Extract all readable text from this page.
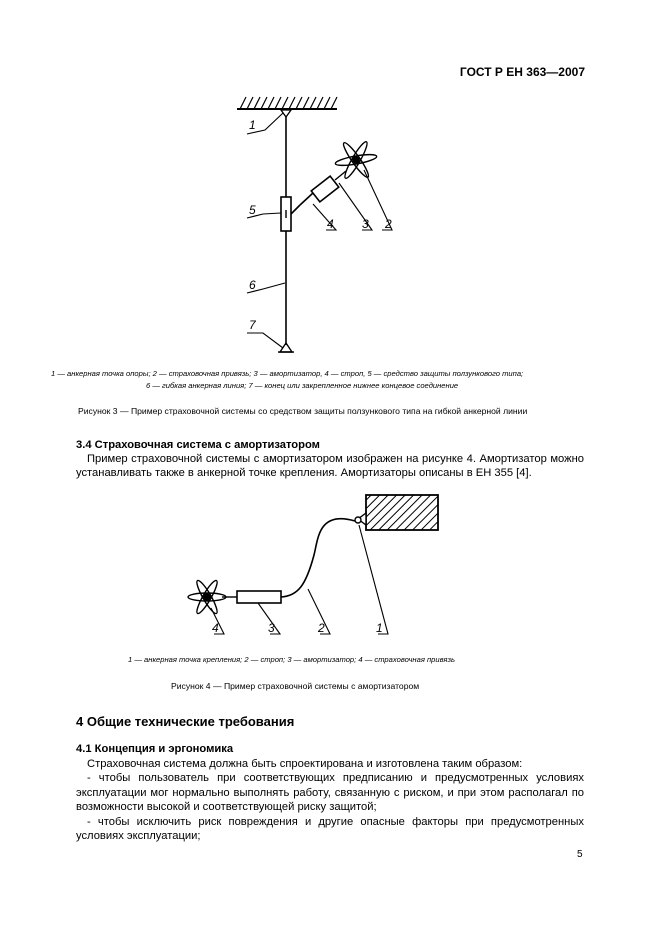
ГОСТ Р ЕН 363—2007
1
5
6
7
4 3 2

1 — анкерная точка опоры; 2 — страховочная привязь; 3 — амортизатор, 4 — строп, 5 — средство защиты ползункового типа;

6 — гибкая анкерная линия; 7 — конец или закрепленное нижнее концевое соединение

Рисунок 3 — Пример страховочной системы со средством защиты ползункового типа на гибкой анкерной линии
3.4 Страховочная система с амортизатором
Пример страховочной системы с амортизатором изображен на рисунке 4. Амортизатор можно устанавливать также в анкерной точке крепления. Амортизаторы описаны в ЕН 355 [4].
4	3	2	1
1 — анкерная точка крепления; 2 — строп; 3 — амортизатор; 4 — страховочная привязь
Рисунок 4 — Пример страховочной системы с амортизатором
4 Общие технические требования
4.1 Концепция и эргономика

Страховочная система должна быть спроектирована и изготовлена таким образом:

- чтобы пользователь при соответствующих предписанию и предусмотренных условиях эксплуатации мог нормально выполнять работу, связанную с риском, и при этом располагал по возможности высокой и соответствующей риску защитой;

- чтобы исключить риск повреждения и другие опасные факторы при предусмотренных условиях эксплуатации;

5
